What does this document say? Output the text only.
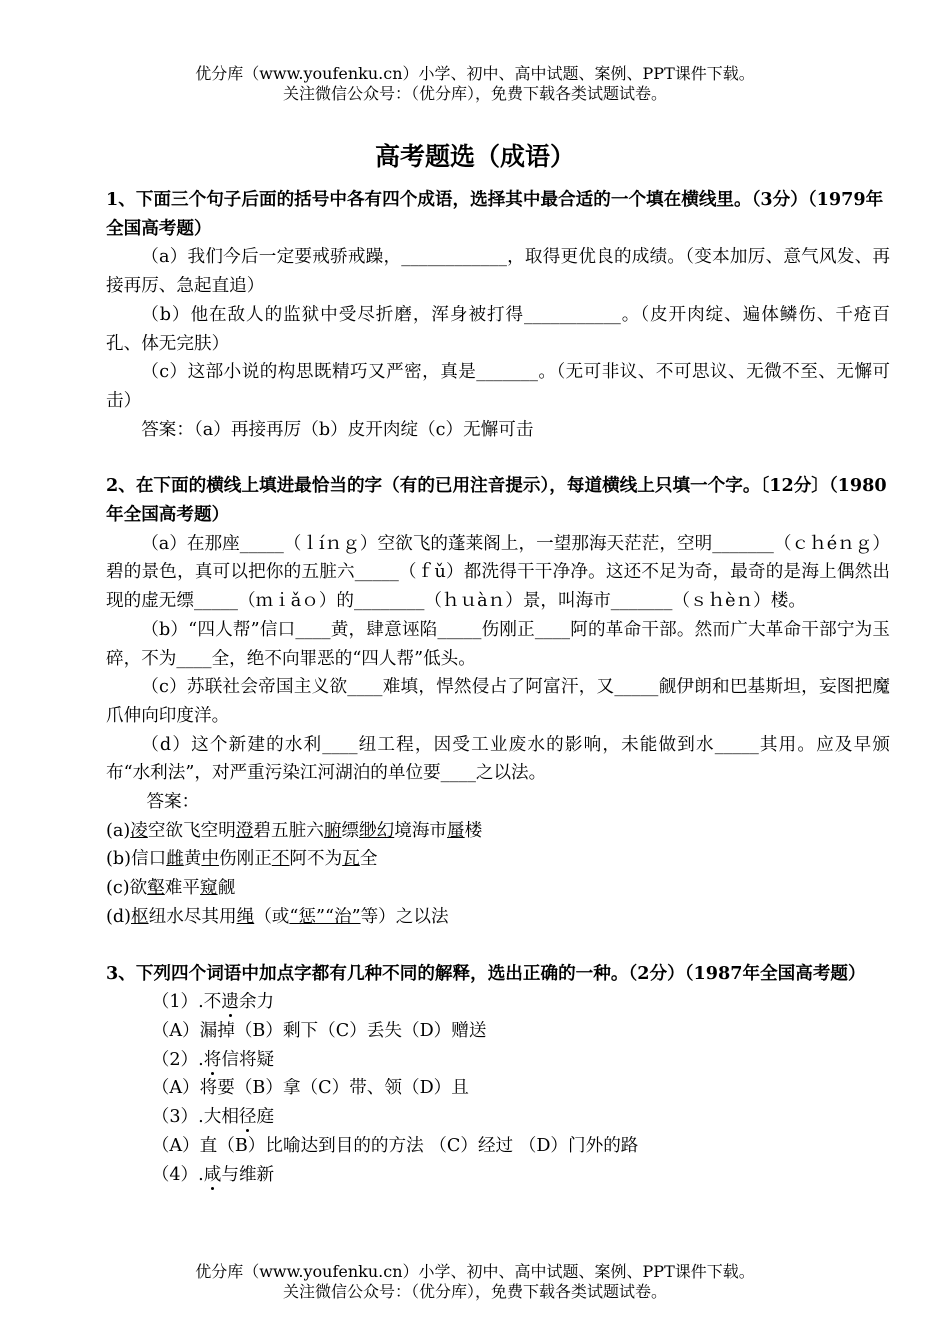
优分库（www.youfenku.cn）小学、初中、高中试题、案例、PPT课件下载。
关注微信公众号：（优分库），免费下载各类试题试卷。
高考题选（成语）
1、下面三个句子后面的括号中各有四个成语，选择其中最合适的一个填在横线里。（3分）（1979年全国高考题）
（a）我们今后一定要戒骄戒躁，____________，取得更优良的成绩。（变本加厉、意气风发、再接再厉、急起直追）
（b）他在敌人的监狱中受尽折磨，浑身被打得___________。（皮开肉绽、遍体鳞伤、千疮百孔、体无完肤）
（c）这部小说的构思既精巧又严密，真是_______。（无可非议、不可思议、无微不至、无懈可击）
答案：（a）再接再厉（b）皮开肉绽（c）无懈可击
2、在下面的横线上填进最恰当的字（有的已用注音提示），每道横线上只填一个字。〔12分〕（1980年全国高考题）
（a）在那座_____（ｌíｎｇ）空欲飞的蓬莱阁上，一望那海天茫茫，空明_______（ｃｈéｎｇ）碧的景色，真可以把你的五脏六_____（ｆǔ）都洗得干干净净。这还不足为奇，最奇的是海上偶然出现的虚无缥_____（ｍｉǎｏ）的________（ｈｕàｎ）景，叫海市_______（ｓｈèｎ）楼。
（b）“四人帮”信口____黄，肆意诬陷_____伤刚正____阿的革命干部。然而广大革命干部宁为玉碎，不为____全，绝不向罪恶的“四人帮”低头。
（c）苏联社会帝国主义欲____难填，悍然侵占了阿富汗，又_____觎伊朗和巴基斯坦，妄图把魔爪伸向印度洋。
（d）这个新建的水利____纽工程，因受工业废水的影响，未能做到水_____其用。应及早颁布“水利法”，对严重污染江河湖泊的单位要____之以法。
答案：
(a)凌空欲飞空明澄碧五脏六腑缥缈幻境海市蜃楼
(b)信口雌黄中伤刚正不阿不为瓦全
(c)欲壑难平窥觎
(d)枢纽水尽其用绳（或“惩”“治”等）之以法
3、下列四个词语中加点字都有几种不同的解释，选出正确的一种。（2分）（1987年全国高考题）
（1）.不遗余力
（A）漏掉（B）剩下（C）丢失（D）赠送
（2）.将信将疑
（A）将要（B）拿（C）带、领（D）且
（3）.大相径庭
（A）直（B）比喻达到目的的方法 （C）经过 （D）门外的路
（4）.咸与维新
优分库（www.youfenku.cn）小学、初中、高中试题、案例、PPT课件下载。
关注微信公众号：（优分库），免费下载各类试题试卷。
